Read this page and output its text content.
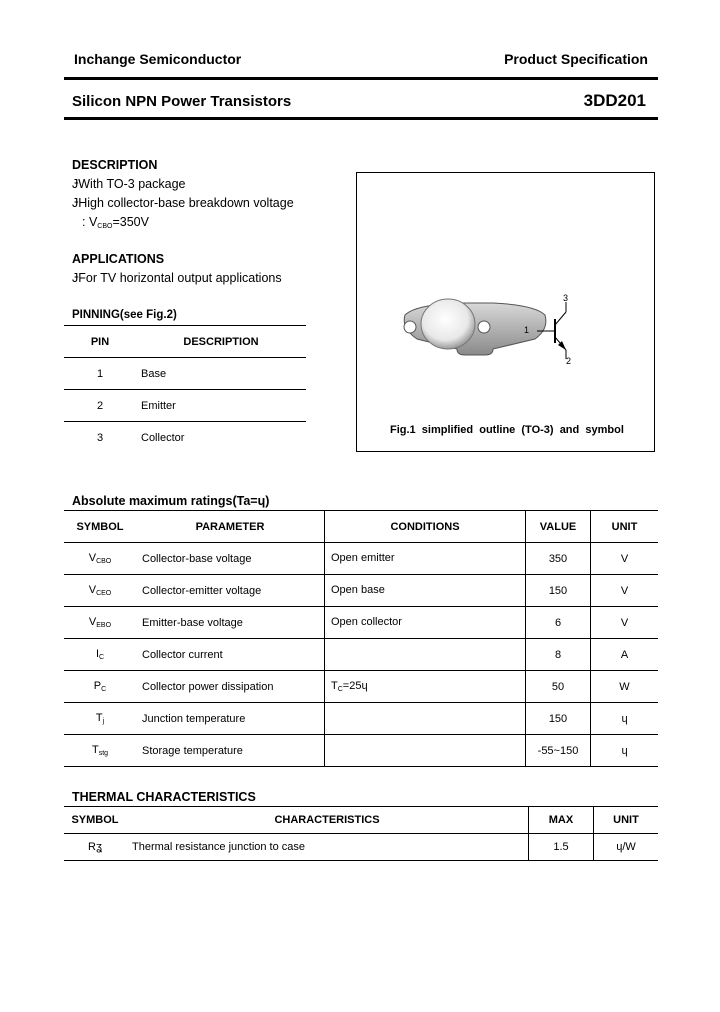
Inchange Semiconductor	Product Specification
Silicon NPN Power Transistors	3DD201
DESCRIPTION
ɈWith TO-3 package
ɈHigh collector-base breakdown voltage
: $V_{CBO}=350V$
APPLICATIONS
ɈFor TV horizontal output applications
PINNING(see Fig.2)
PIN	DESCRIPTION
1	Base
2	Emitter
3	Collector
1
2
3
Fig.1  simplified  outline  (TO-3)  and  symbol
Absolute maximum ratings(Ta=ɥ)
SYMBOL	PARAMETER	CONDITIONS	VALUE	UNIT
$V_{CBO}$	Collector-base voltage	Open emitter	350	V
$V_{CEO}$	Collector-emitter voltage	Open base	150	V
$V_{EBO}$	Emitter-base voltage	Open collector	6	V
$I_C$	Collector current		8	A
$P_C$	Collector power dissipation	$T_C=25ɥ$	50	W
$T_j$	Junction temperature		150	ɥ
$T_{stg}$	Storage temperature		-55~150	ɥ
THERMAL CHARACTERISTICS
SYMBOL	CHARACTERISTICS	MAX	UNIT
Rʓ	Thermal resistance junction to case	1.5	ɥ/W
